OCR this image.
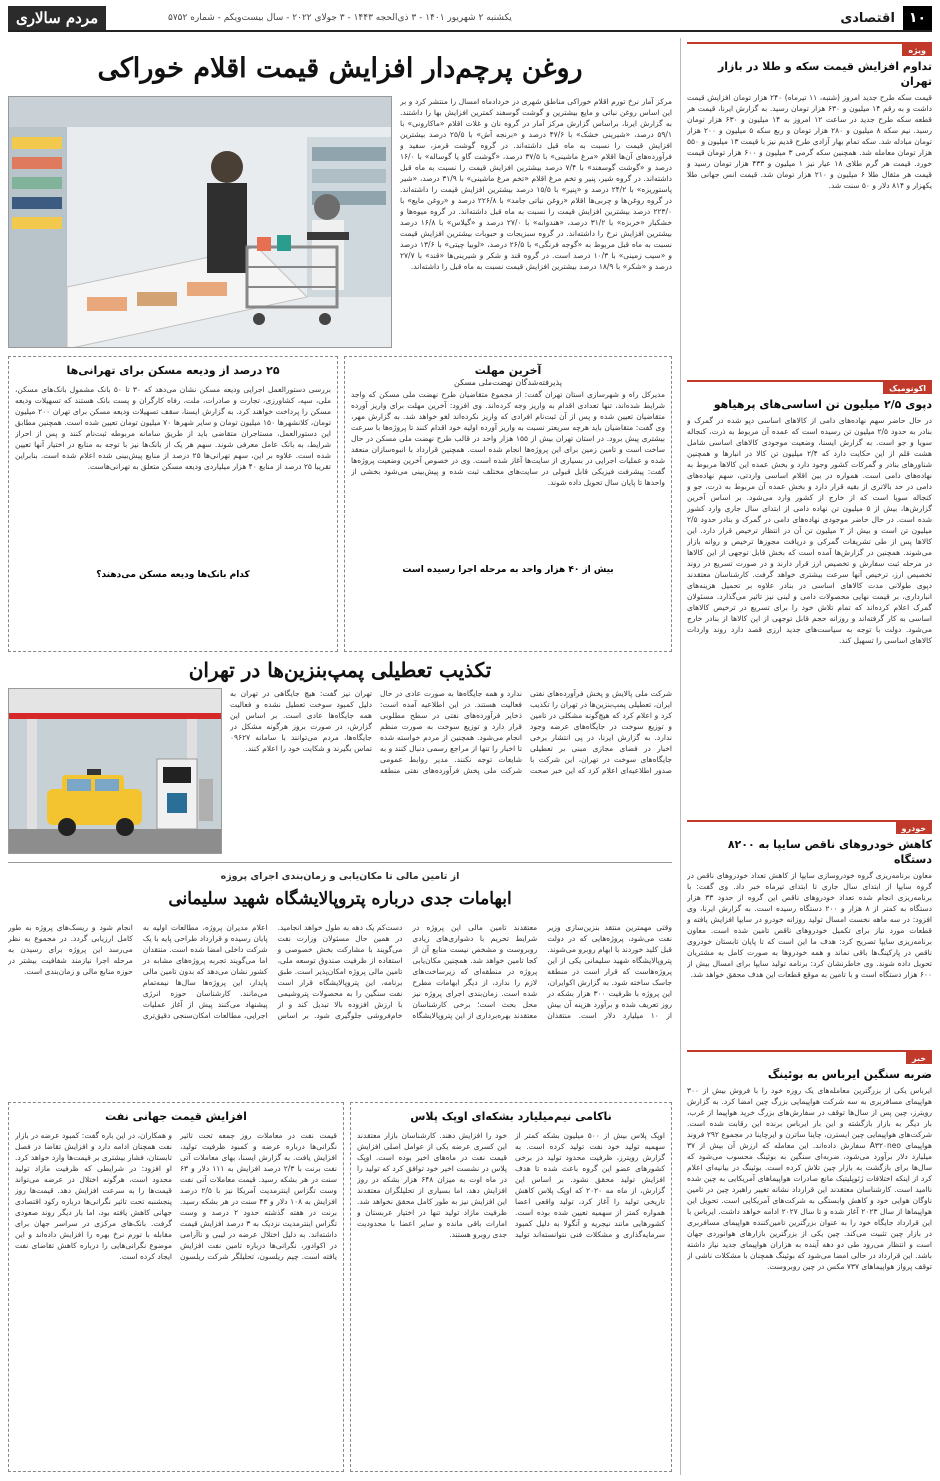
مردم سالاری	یکشنبه ۲ شهریور ۱۴۰۱ - ۳ ذی‌الحجه ۱۴۴۳ - ۳ جولای ۲۰۲۲ - سال بیست‌ویکم - شماره ۵۷۵۲	۱۰
اقتصادی
ویژه
تداوم افزایش قیمت سکه و طلا در بازار تهران
قیمت سکه طرح جدید امروز (شنبه، ۱۱ تیرماه) ۲۴۰ هزار تومان افزایش قیمت داشت و به رقم ۱۴ میلیون و ۶۳۰ هزار تومان رسید. به گزارش ایرنا، قیمت هر قطعه سکه طرح جدید در ساعت ۱۲ امروز به ۱۴ میلیون و ۶۳۰ هزار تومان رسید. نیم سکه ۸ میلیون و ۲۸۰ هزار تومان و ربع سکه ۵ میلیون و ۲۰۰ هزار تومان مبادله شد. سکه تمام بهار آزادی طرح قدیم نیز با قیمت ۱۳ میلیون و ۵۵۰ هزار تومان معامله شد. همچنین سکه گرمی ۳ میلیون و ۶۰۰ هزار تومان قیمت خورد. قیمت هر گرم طلای ۱۸ عیار نیز ۱ میلیون و ۴۳۳ هزار تومان رسید و قیمت هر مثقال طلا ۶ میلیون و ۲۱۰ هزار تومان شد. قیمت انس جهانی طلا یکهزار و ۸۱۴ دلار و ۵۰ سنت شد.
اکونومیک
دپوی ۲/۵ میلیون تن اساسی‌های پرهیاهو
در حال حاضر سهم نهاده‌های دامی از کالاهای اساسی دپو شده در گمرک و بنادر به حدود ۲/۵ میلیون تن رسیده است که عمده آن مربوط به ذرت، کنجاله سویا و جو است. به گزارش ایسنا، وضعیت موجودی کالاهای اساسی شامل هشت قلم از این حکایت دارد که ۲/۴ میلیون تن کالا در انبارها و همچنین شناورهای بنادر و گمرکات کشور وجود دارد و بخش عمده این کالاها مربوط به نهاده‌های دامی است. همواره در بین اقلام اساسی واردتی، سهم نهاده‌های دامی در حد بالاتری از بقیه قرار دارد و بخش عمده آن مربوط به ذرت، جو و کنجاله سویا است که از خارج از کشور وارد می‌شود. بر اساس آخرین گزارش‌ها، بیش از ۵ میلیون تن نهاده دامی از ابتدای سال جاری وارد کشور شده است. در حال حاضر موجودی نهاده‌های دامی در گمرک و بنادر حدود ۲/۵ میلیون تن است و بیش از ۲ میلیون تن آن در انتظار ترخیص قرار دارد. این کالاها پس از طی تشریفات گمرکی و دریافت مجوزها ترخیص و روانه بازار می‌شوند. همچنین در گزارش‌ها آمده است که بخش قابل توجهی از این کالاها در مرحله ثبت سفارش و تخصیص ارز قرار دارند و در صورت تسریع در روند تخصیص ارز، ترخیص آنها سرعت بیشتری خواهد گرفت. کارشناسان معتقدند دپوی طولانی مدت کالاهای اساسی در بنادر علاوه بر تحمیل هزینه‌های انبارداری، بر قیمت نهایی محصولات دامی و لبنی نیز تاثیر می‌گذارد. مسئولان گمرک اعلام کرده‌اند که تمام تلاش خود را برای تسریع در ترخیص کالاهای اساسی به کار گرفته‌اند و روزانه حجم قابل توجهی از این کالاها از بنادر خارج می‌شود. دولت با توجه به سیاست‌های جدید ارزی قصد دارد روند واردات کالاهای اساسی را تسهیل کند.
خودرو
کاهش خودروهای ناقص سایپا به ۸۲۰۰ دستگاه
معاون برنامه‌ریزی گروه خودروسازی سایپا از کاهش تعداد خودروهای ناقص در گروه سایپا از ابتدای سال جاری تا ابتدای تیرماه خبر داد. وی گفت: با برنامه‌ریزی انجام شده تعداد خودروهای ناقص این گروه از حدود ۳۳ هزار دستگاه به کمتر از ۸ هزار و ۲۰۰ دستگاه رسیده است. به گزارش ایرنا، وی افزود: در سه ماهه نخست امسال تولید روزانه خودرو در سایپا افزایش یافته و قطعات مورد نیاز برای تکمیل خودروهای ناقص تامین شده است. معاون برنامه‌ریزی سایپا تصریح کرد: هدف ما این است که تا پایان تابستان خودروی ناقص در پارکینگ‌ها باقی نماند و همه خودروها به صورت کامل به مشتریان تحویل داده شوند. وی خاطرنشان کرد: برنامه تولید سایپا برای امسال بیش از ۶۰۰ هزار دستگاه است و با تامین به موقع قطعات این هدف محقق خواهد شد.
خبر
ضربه سنگین ایرباس به بوئینگ
ایرباس یکی از بزرگترین معامله‌های یک روزه خود را با فروش بیش از ۳۰۰ هواپیمای مسافربری به سه شرکت هواپیمایی بزرگ چین امضا کرد. به گزارش رویترز، چین پس از سال‌ها توقف در سفارش‌های بزرگ خرید هواپیما از غرب، بار دیگر به بازار بازگشته و این بار ایرباس برنده این رقابت شده است. شرکت‌های هواپیمایی چین ایسترن، چاینا ساترن و ایرچاینا در مجموع ۲۹۲ فروند هواپیمای A۳۲۰neo سفارش داده‌اند. این معامله که ارزش آن بیش از ۳۷ میلیارد دلار برآورد می‌شود، ضربه‌ای سنگین به بوئینگ محسوب می‌شود که سال‌ها برای بازگشت به بازار چین تلاش کرده است. بوئینگ در بیانیه‌ای اعلام کرد از اینکه اختلافات ژئوپلیتیک مانع صادرات هواپیماهای آمریکایی به چین شده ناامید است. کارشناسان معتقدند این قرارداد نشانه تغییر راهبرد چین در تامین ناوگان هوایی خود و کاهش وابستگی به شرکت‌های آمریکایی است. تحویل این هواپیماها از سال ۲۰۲۳ آغاز شده و تا سال ۲۰۲۷ ادامه خواهد داشت. ایرباس با این قرارداد جایگاه خود را به عنوان بزرگترین تامین‌کننده هواپیمای مسافربری در بازار چین تثبیت می‌کند. چین یکی از بزرگترین بازارهای هوانوردی جهان است و انتظار می‌رود طی دو دهه آینده به هزاران هواپیمای جدید نیاز داشته باشد. این قرارداد در حالی امضا می‌شود که بوئینگ همچنان با مشکلات ناشی از توقف پرواز هواپیماهای ۷۳۷ مکس در چین روبروست.
روغن پرچم‌دار افزایش قیمت اقلام خوراکی
مرکز آمار نرخ تورم اقلام خوراکی مناطق شهری در خردادماه امسال را منتشر کرد و بر این اساس روغن نباتی و مایع بیشترین و گوشت گوسفند کمترین افزایش بها را داشتند. به گزارش ایرنا، براساس گزارش مرکز آمار در گروه نان و غلات اقلام «ماکارونی» با ۵۹/۱ درصد، «شیرینی خشک» با ۴۷/۶ درصد و «برنجه آش» با ۲۵/۵ درصد بیشترین افزایش قیمت را نسبت به ماه قبل داشته‌اند. در گروه گوشت قرمز، سفید و فرآورده‌های آن‌ها اقلام «مرغ ماشینی» با ۳۷/۵ درصد، «گوشت گاو یا گوساله» با ۱۶/۰ درصد و «گوشت گوسفند» با ۷/۴ درصد بیشترین افزایش قیمت را نسبت به ماه قبل داشته‌اند. در گروه شیر، پنیر و تخم مرغ اقلام «تخم مرغ ماشینی» با ۳۱/۹ درصد، «شیر پاستوریزه» با ۲۴/۲ درصد و «پنیر» با ۱۵/۵ درصد بیشترین افزایش قیمت را داشته‌اند. در گروه روغن‌ها و چربی‌ها اقلام «روغن نباتی جامد» با ۲۲۶/۸ درصد و «روغن مایع» با ۲۲۳/۰ درصد بیشترین افزایش قیمت را نسبت به ماه قبل داشته‌اند. در گروه میوه‌ها و خشکبار «خربزه» با ۳۱/۲ درصد، «هندوانه» با ۲۷/۰ درصد و «گیلاس» با ۱۶/۸ درصد بیشترین افزایش نرخ را داشته‌اند. در گروه سبزیجات و حبوبات بیشترین افزایش قیمت نسبت به ماه قبل مربوط به «گوجه فرنگی» با ۲۶/۵ درصد، «لوبیا چیتی» با ۱۳/۶ درصد و «سیب زمینی» با ۱۰/۳ درصد است. در گروه قند و شکر و شیرینی‌ها «قند» با ۲۷/۷ درصد و «شکر» با ۱۸/۹ درصد بیشترین افزایش قیمت نسبت به ماه قبل را داشته‌اند.
۲۵ درصد از ودیعه مسکن برای تهرانی‌ها
بررسی دستورالعمل اجرایی ودیعه مسکن نشان می‌دهد که ۳۰ تا ۵۰ بانک مشمول بانک‌های مسکن، ملی، سپه، کشاورزی، تجارت و صادرات، ملت، رفاه کارگران و پست بانک هستند که تسهیلات ودیعه مسکن را پرداخت خواهند کرد. به گزارش ایسنا، سقف تسهیلات ودیعه مسکن برای تهران ۲۰۰ میلیون تومان، کلانشهرها ۱۵۰ میلیون تومان و سایر شهرها ۷۰ میلیون تومان تعیین شده است. همچنین مطابق این دستورالعمل، مستاجران متقاضی باید از طریق سامانه مربوطه ثبت‌نام کنند و پس از احراز شرایط، به بانک عامل معرفی شوند. سهم هر یک از بانک‌ها نیز با توجه به منابع در اختیار آنها تعیین شده است. علاوه بر این، سهم تهرانی‌ها ۲۵ درصد از منابع پیش‌بینی شده اعلام شده است. بنابراین تقریبا ۲۵ درصد از منابع ۴۰ هزار میلیاردی ودیعه مسکن متعلق به تهرانی‌هاست.
کدام بانک‌ها ودیعه مسکن می‌دهند؟
آخرین مهلت
پذیرفته‌شدگان نهضت‌ملی مسکن
مدیرکل راه و شهرسازی استان تهران گفت: از مجموع متقاضیان طرح نهضت ملی مسکن که واجد شرایط شده‌اند، تنها تعدادی اقدام به واریز وجه کرده‌اند. وی افزود: آخرین مهلت برای واریز آورده متقاضیان تعیین شده و پس از آن ثبت‌نام افرادی که واریز نکرده‌اند لغو خواهد شد. به گزارش مهر، وی گفت: متقاضیان باید هرچه سریعتر نسبت به واریز آورده اولیه خود اقدام کنند تا پروژه‌ها با سرعت بیشتری پیش برود. در استان تهران بیش از ۱۵۵ هزار واحد در قالب طرح نهضت ملی مسکن در حال ساخت است و تامین زمین برای این پروژه‌ها انجام شده است. همچنین قرارداد با انبوه‌سازان منعقد شده و عملیات اجرایی در بسیاری از سایت‌ها آغاز شده است. وی در خصوص آخرین وضعیت پروژه‌ها گفت: پیشرفت فیزیکی قابل قبولی در سایت‌های مختلف ثبت شده و پیش‌بینی می‌شود بخشی از واحدها تا پایان سال تحویل داده شوند.
بیش از ۴۰ هزار واحد به مرحله اجرا رسیده است
تکذیب تعطیلی پمپ‌بنزین‌ها در تهران
شرکت ملی پالایش و پخش فرآورده‌های نفتی ایران، تعطیلی پمپ‌بنزین‌ها در تهران را تکذیب کرد و اعلام کرد که هیچ‌گونه مشکلی در تامین و توزیع سوخت در جایگاه‌های عرضه وجود ندارد. به گزارش ایرنا، در پی انتشار برخی اخبار در فضای مجازی مبنی بر تعطیلی جایگاه‌های سوخت در تهران، این شرکت با صدور اطلاعیه‌ای اعلام کرد که این خبر صحت ندارد و همه جایگاه‌ها به صورت عادی در حال فعالیت هستند. در این اطلاعیه آمده است: ذخایر فرآورده‌های نفتی در سطح مطلوبی قرار دارد و توزیع سوخت به صورت منظم انجام می‌شود. همچنین از مردم خواسته شده تا اخبار را تنها از مراجع رسمی دنبال کنند و به شایعات توجه نکنند. مدیر روابط عمومی شرکت ملی پخش فرآورده‌های نفتی منطقه تهران نیز گفت: هیچ جایگاهی در تهران به دلیل کمبود سوخت تعطیل نشده و فعالیت همه جایگاه‌ها عادی است. بر اساس این گزارش، در صورت بروز هرگونه مشکل در جایگاه‌ها، مردم می‌توانند با سامانه ۰۹۶۲۷ تماس بگیرند و شکایت خود را اعلام کنند.
از تامین مالی تا مکان‌یابی و زمان‌بندی اجرای پروژه
ابهامات جدی درباره پتروپالایشگاه شهید سلیمانی
وقتی مهمترین منتقد بنزین‌سازی وزیر نفت می‌شود، پروژه‌هایی که در دولت قبل کلید خوردند با ابهام روبرو می‌شوند. پتروپالایشگاه شهید سلیمانی یکی از این پروژه‌هاست که قرار است در منطقه جاسک ساخته شود. به گزارش اکوایران، این پروژه با ظرفیت ۳۰۰ هزار بشکه در روز تعریف شده و برآورد هزینه آن بیش از ۱۰ میلیارد دلار است. منتقدان معتقدند تامین مالی این پروژه در شرایط تحریم با دشواری‌های زیادی روبروست و مشخص نیست منابع آن از کجا تامین خواهد شد. همچنین مکان‌یابی پروژه در منطقه‌ای که زیرساخت‌های لازم را ندارد، از دیگر ابهامات مطرح شده است. زمان‌بندی اجرای پروژه نیز محل بحث است؛ برخی کارشناسان معتقدند بهره‌برداری از این پتروپالایشگاه دست‌کم یک دهه به طول خواهد انجامید. در همین حال مسئولان وزارت نفت می‌گویند با مشارکت بخش خصوصی و استفاده از ظرفیت صندوق توسعه ملی، تامین مالی پروژه امکان‌پذیر است. طبق برنامه، این پتروپالایشگاه قرار است نفت سنگین را به محصولات پتروشیمی با ارزش افزوده بالا تبدیل کند و از خام‌فروشی جلوگیری شود. بر اساس اعلام مدیران پروژه، مطالعات اولیه به پایان رسیده و قرارداد طراحی پایه با یک شرکت داخلی امضا شده است. منتقدان اما می‌گویند تجربه پروژه‌های مشابه در کشور نشان می‌دهد که بدون تامین مالی پایدار، این پروژه‌ها سال‌ها نیمه‌تمام می‌مانند. کارشناسان حوزه انرژی پیشنهاد می‌کنند پیش از آغاز عملیات اجرایی، مطالعات امکان‌سنجی دقیق‌تری انجام شود و ریسک‌های پروژه به طور کامل ارزیابی گردد. در مجموع به نظر می‌رسد این پروژه برای رسیدن به مرحله اجرا نیازمند شفافیت بیشتر در حوزه منابع مالی و زمان‌بندی است.
ناکامی نیم‌میلیارد بشکه‌ای اوپک پلاس
اوپک پلاس بیش از ۵۰۰ میلیون بشکه کمتر از سهمیه تولید خود نفت تولید کرده است. به گزارش رویترز، ظرفیت محدود تولید در برخی کشورهای عضو این گروه باعث شده تا هدف افزایش تولید محقق نشود. بر اساس این گزارش، از ماه مه ۲۰۲۰ که اوپک پلاس کاهش تاریخی تولید را آغاز کرد، تولید واقعی اعضا همواره کمتر از سهمیه تعیین شده بوده است. کشورهایی مانند نیجریه و آنگولا به دلیل کمبود سرمایه‌گذاری و مشکلات فنی نتوانسته‌اند تولید خود را افزایش دهند. کارشناسان بازار معتقدند این کسری عرضه یکی از عوامل اصلی افزایش قیمت نفت در ماه‌های اخیر بوده است. اوپک پلاس در نشست اخیر خود توافق کرد که تولید را در ماه اوت به میزان ۶۴۸ هزار بشکه در روز افزایش دهد، اما بسیاری از تحلیلگران معتقدند این افزایش نیز به طور کامل محقق نخواهد شد. ظرفیت مازاد تولید تنها در اختیار عربستان و امارات باقی مانده و سایر اعضا با محدودیت جدی روبرو هستند.
افزایش قیمت جهانی نفت
قیمت نفت در معاملات روز جمعه تحت تاثیر نگرانی‌ها درباره عرضه و کمبود ظرفیت تولید، افزایش یافت. به گزارش ایسنا، بهای معاملات آتی نفت برنت با ۲/۳ درصد افزایش به ۱۱۱ دلار و ۶۳ سنت در هر بشکه رسید. قیمت معاملات آتی نفت وست تگزاس اینترمدیت آمریکا نیز با ۲/۵ درصد افزایش به ۱۰۸ دلار و ۴۳ سنت در هر بشکه رسید. برنت در هفته گذشته حدود ۲ درصد و وست تگزاس اینترمدیت نزدیک به ۳ درصد افزایش قیمت داشته‌اند. به دلیل اختلال عرضه در لیبی و ناآرامی در اکوادور، نگرانی‌ها درباره تامین نفت افزایش یافته است. چیم ریلسون، تحلیلگر شرکت ریلسون و همکاران، در این باره گفت: کمبود عرضه در بازار نفت همچنان ادامه دارد و افزایش تقاضا در فصل تابستان، فشار بیشتری بر قیمت‌ها وارد خواهد کرد. او افزود: در شرایطی که ظرفیت مازاد تولید محدود است، هرگونه اختلال در عرضه می‌تواند قیمت‌ها را به سرعت افزایش دهد. قیمت‌ها روز پنجشنبه تحت تاثیر نگرانی‌ها درباره رکود اقتصادی جهانی کاهش یافته بود، اما بار دیگر روند صعودی گرفت. بانک‌های مرکزی در سراسر جهان برای مقابله با تورم نرخ بهره را افزایش داده‌اند و این موضوع نگرانی‌هایی را درباره کاهش تقاضای نفت ایجاد کرده است.
